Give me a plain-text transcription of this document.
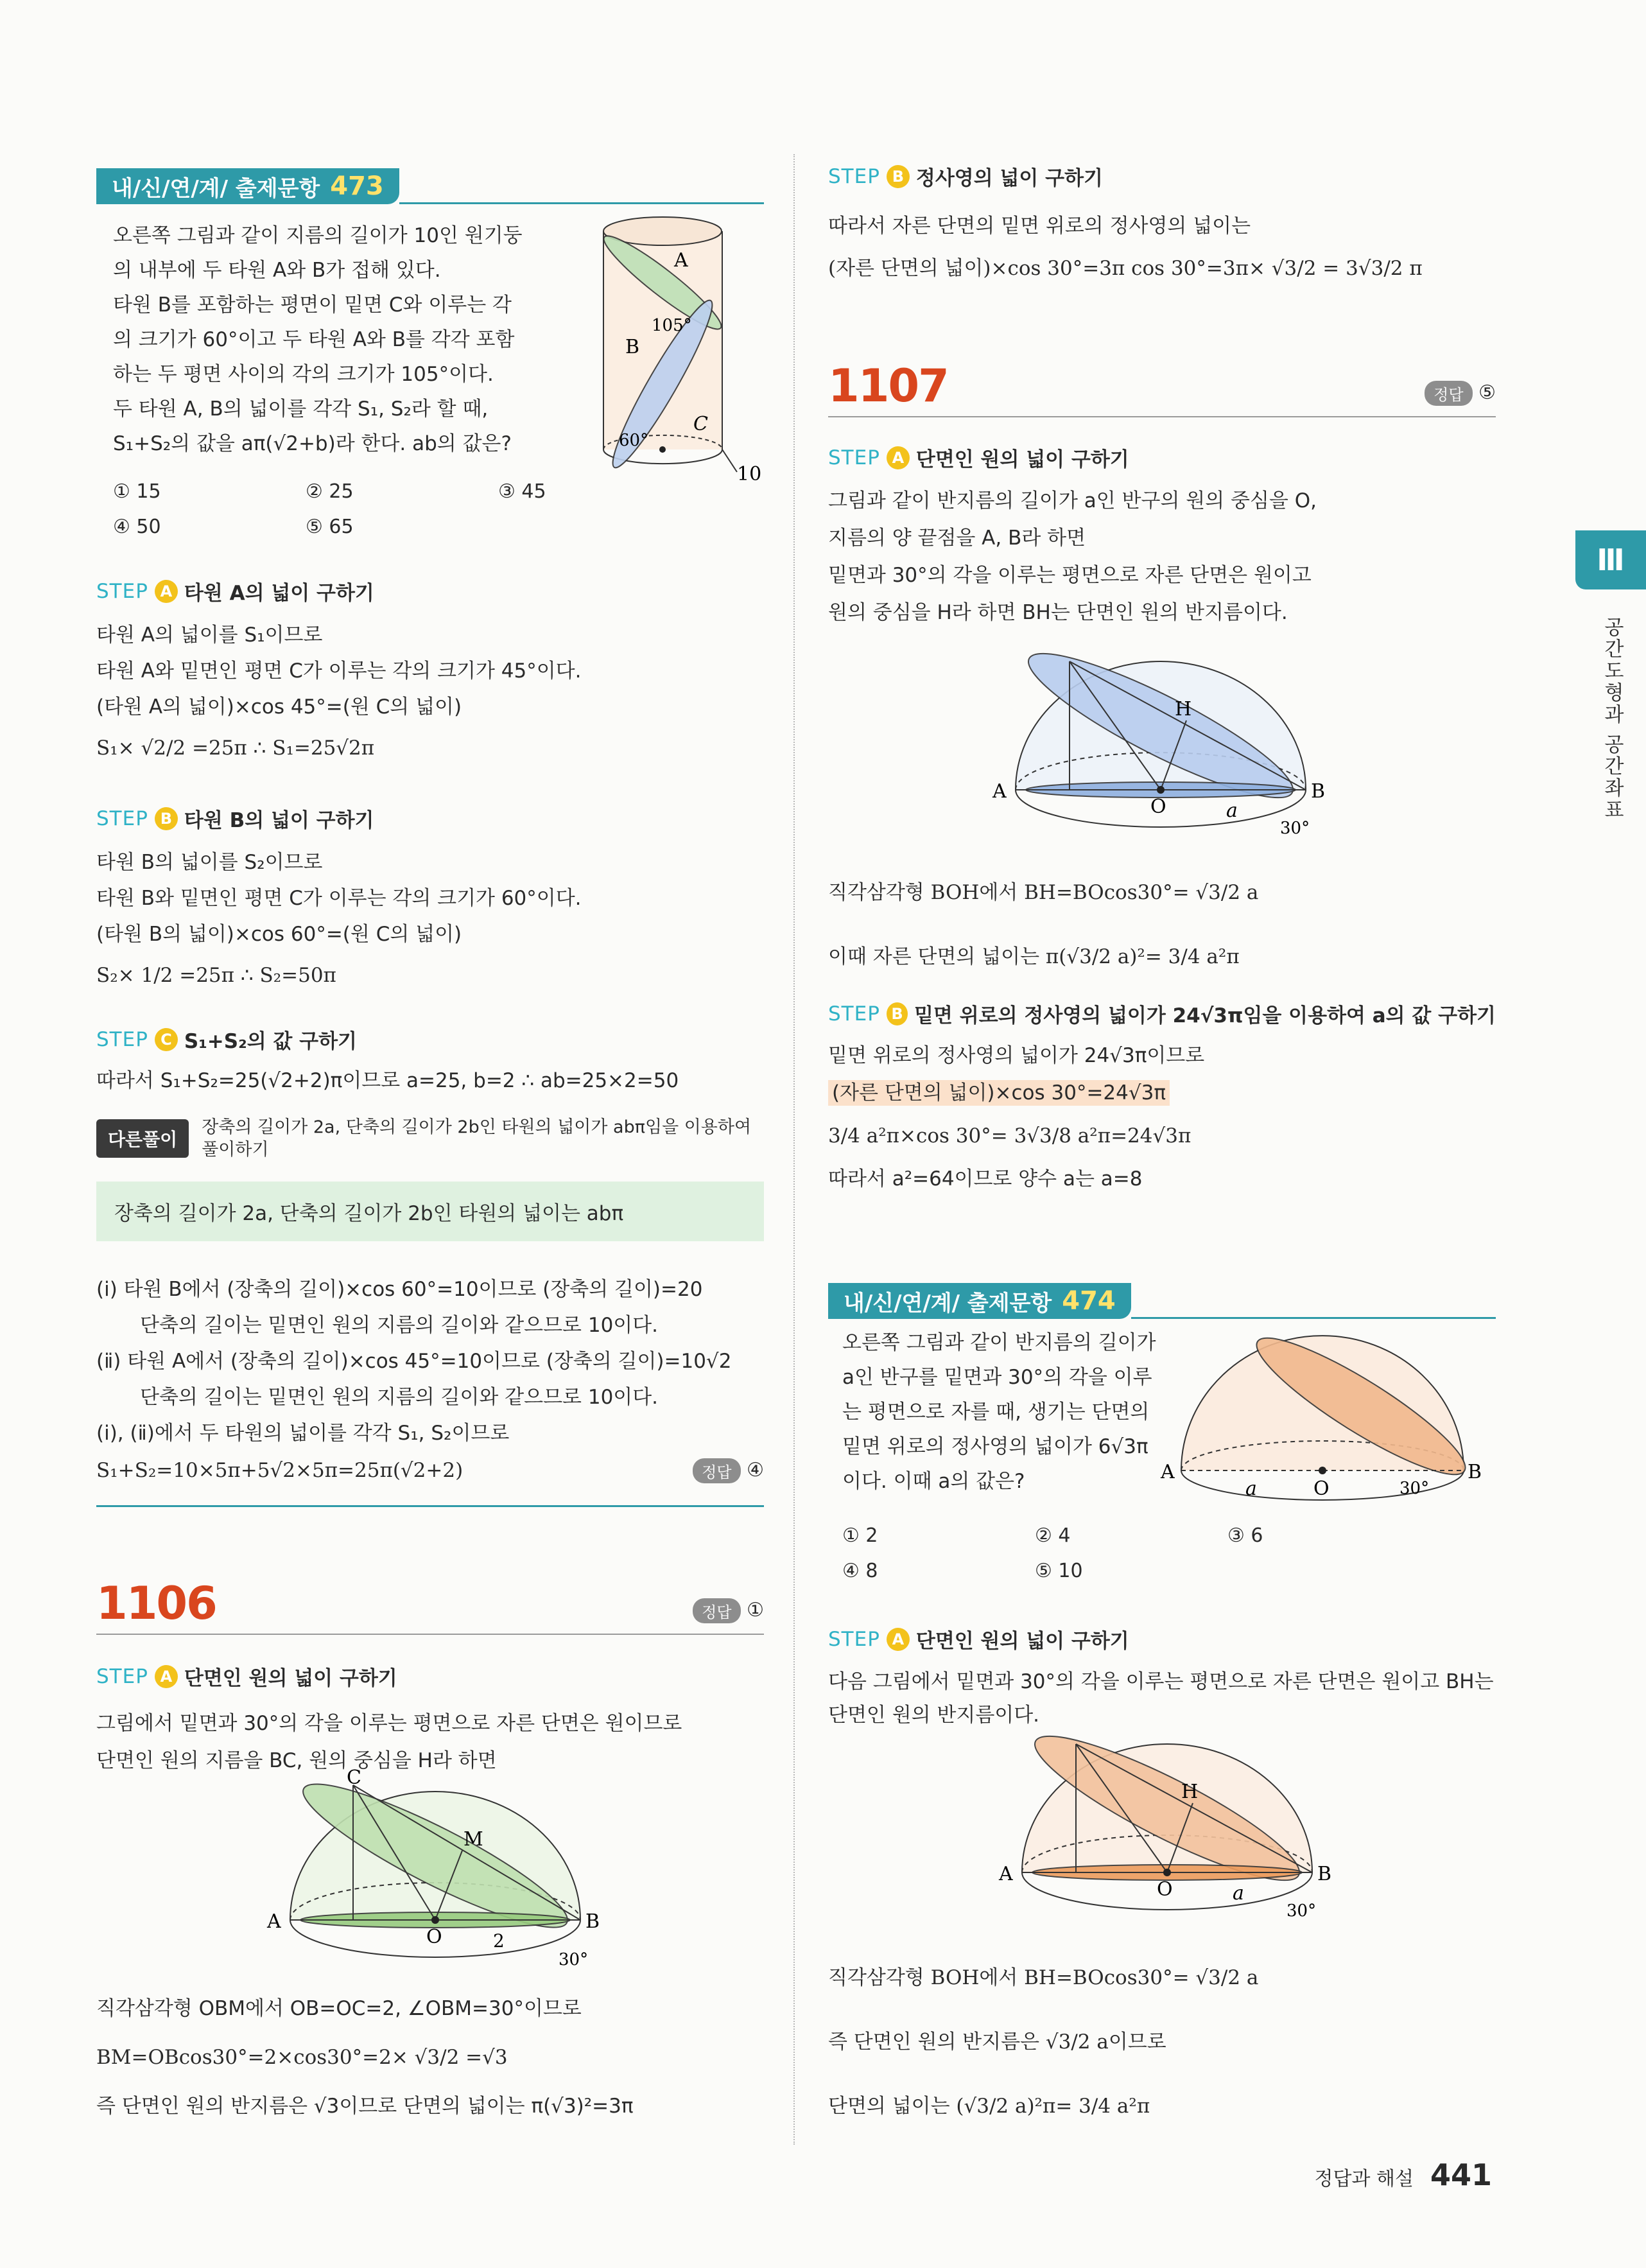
내/신/연/계/ 출제문항 473
오른쪽 그림과 같이 지름의 길이가 10인 원기둥
의 내부에 두 타원 A와 B가 접해 있다.
타원 B를 포함하는 평면이 밑면 C와 이루는 각
의 크기가 60°이고 두 타원 A와 B를 각각 포함
하는 두 평면 사이의 각의 크기가 105°이다.
두 타원 A, B의 넓이를 각각 S₁, S₂라 할 때,
S₁+S₂의 값을 aπ(√2+b)라 한다. ab의 값은?
A
105°
B
C
60°
10
① 15	② 25	③ 45
④ 50	⑤ 65
STEP A 타원 A의 넓이 구하기
타원 A의 넓이를 S₁이므로
타원 A와 밑면인 평면 C가 이루는 각의 크기가 45°이다.
(타원 A의 넓이)×cos 45°=(원 C의 넓이)
S₁× √2/2 =25π ∴ S₁=25√2π
STEP B 타원 B의 넓이 구하기
타원 B의 넓이를 S₂이므로
타원 B와 밑면인 평면 C가 이루는 각의 크기가 60°이다.
(타원 B의 넓이)×cos 60°=(원 C의 넓이)
S₂× 1/2 =25π ∴ S₂=50π
STEP C S₁+S₂의 값 구하기
따라서 S₁+S₂=25(√2+2)π이므로 a=25, b=2 ∴ ab=25×2=50
다른풀이
장축의 길이가 2a, 단축의 길이가 2b인 타원의 넓이가 abπ임을 이용하여
풀이하기
장축의 길이가 2a, 단축의 길이가 2b인 타원의 넓이는 abπ
(ⅰ) 타원 B에서 (장축의 길이)×cos 60°=10이므로 (장축의 길이)=20
단축의 길이는 밑면인 원의 지름의 길이와 같으므로 10이다.
(ⅱ) 타원 A에서 (장축의 길이)×cos 45°=10이므로 (장축의 길이)=10√2
단축의 길이는 밑면인 원의 지름의 길이와 같으므로 10이다.
(ⅰ), (ⅱ)에서 두 타원의 넓이를 각각 S₁, S₂이므로
S₁+S₂=10×5π+5√2×5π=25π(√2+2)	정답 ④
1106	정답 ①
STEP A 단면인 원의 넓이 구하기
그림에서 밑면과 30°의 각을 이루는 평면으로 자른 단면은 원이므로
단면인 원의 지름을 BC, 원의 중심을 H라 하면
C
M
A
O	2
B
30°
직각삼각형 OBM에서 OB=OC=2, ∠OBM=30°이므로
BM=OBcos30°=2×cos30°=2× √3/2 =√3
즉 단면인 원의 반지름은 √3이므로 단면의 넓이는 π(√3)²=3π
STEP B 정사영의 넓이 구하기
따라서 자른 단면의 밑면 위로의 정사영의 넓이는
(자른 단면의 넓이)×cos 30°=3π cos 30°=3π× √3/2 = 3√3/2 π
1107	정답 ⑤
STEP A 단면인 원의 넓이 구하기
그림과 같이 반지름의 길이가 a인 반구의 원의 중심을 O,
지름의 양 끝점을 A, B라 하면
밑면과 30°의 각을 이루는 평면으로 자른 단면은 원이고
원의 중심을 H라 하면 BH는 단면인 원의 반지름이다.
H
A
O	a
B
30°
직각삼각형 BOH에서 BH=BOcos30°= √3/2 a
이때 자른 단면의 넓이는 π(√3/2 a)²= 3/4 a²π
STEP B 밑면 위로의 정사영의 넓이가 24√3π임을 이용하여 a의 값 구하기
밑면 위로의 정사영의 넓이가 24√3π이므로
(자른 단면의 넓이)×cos 30°=24√3π
3/4 a²π×cos 30°= 3√3/8 a²π=24√3π
따라서 a²=64이므로 양수 a는 a=8
내/신/연/계/ 출제문항 474
오른쪽 그림과 같이 반지름의 길이가
a인 반구를 밑면과 30°의 각을 이루
는 평면으로 자를 때, 생기는 단면의
밑면 위로의 정사영의 넓이가 6√3π
이다. 이때 a의 값은?	A
a	O	30°
B
① 2	② 4	③ 6
④ 8	⑤ 10
STEP A 단면인 원의 넓이 구하기
다음 그림에서 밑면과 30°의 각을 이루는 평면으로 자른 단면은 원이고 BH는
단면인 원의 반지름이다.
H
A
O	a
B
30°
직각삼각형 BOH에서 BH=BOcos30°= √3/2 a
즉 단면인 원의 반지름은 √3/2 a이므로
단면의 넓이는 (√3/2 a)²π= 3/4 a²π
Ⅲ
공간도형과 공간좌표
정답과 해설 441
